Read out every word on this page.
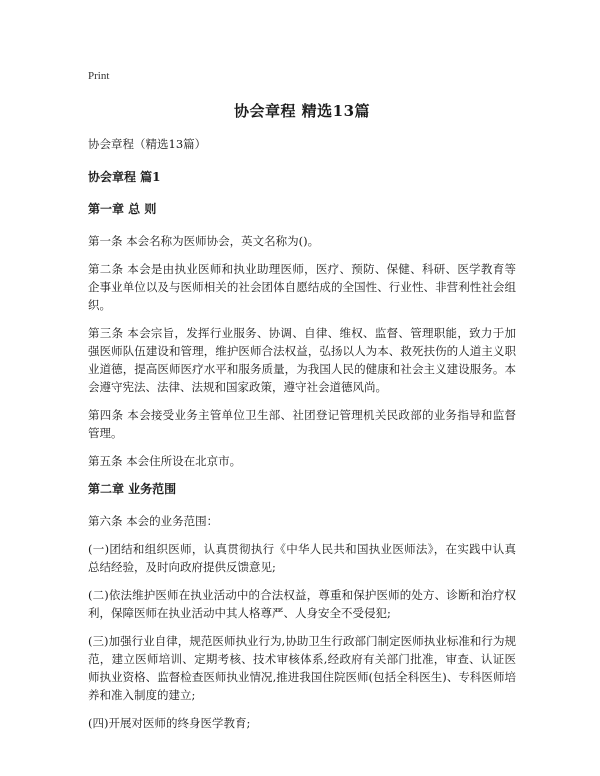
Print
协会章程 精选13篇
协会章程（精选13篇）
协会章程 篇1
第一章 总 则

第一条 本会名称为医师协会，英文名称为()。

第二条 本会是由执业医师和执业助理医师，医疗、预防、保健、科研、医学教育等企事业单位以及与医师相关的社会团体自愿结成的全国性、行业性、非营利性社会组织。

第三条 本会宗旨，发挥行业服务、协调、自律、维权、监督、管理职能，致力于加强医师队伍建设和管理，维护医师合法权益，弘扬以人为本、救死扶伤的人道主义职业道德，提高医师医疗水平和服务质量，为我国人民的健康和社会主义建设服务。本会遵守宪法、法律、法规和国家政策，遵守社会道德风尚。

第四条 本会接受业务主管单位卫生部、社团登记管理机关民政部的业务指导和监督管理。

第五条 本会住所设在北京市。

第二章 业务范围

第六条 本会的业务范围：

(一)团结和组织医师，认真贯彻执行《中华人民共和国执业医师法》，在实践中认真总结经验，及时向政府提供反馈意见;

(二)依法维护医师在执业活动中的合法权益，尊重和保护医师的处方、诊断和治疗权利，保障医师在执业活动中其人格尊严、人身安全不受侵犯;

(三)加强行业自律，规范医师执业行为,协助卫生行政部门制定医师执业标准和行为规范，建立医师培训、定期考核、技术审核体系,经政府有关部门批准，审查、认证医师执业资格、监督检查医师执业情况,推进我国住院医师(包括全科医生)、专科医师培养和准入制度的建立;

(四)开展对医师的终身医学教育;
